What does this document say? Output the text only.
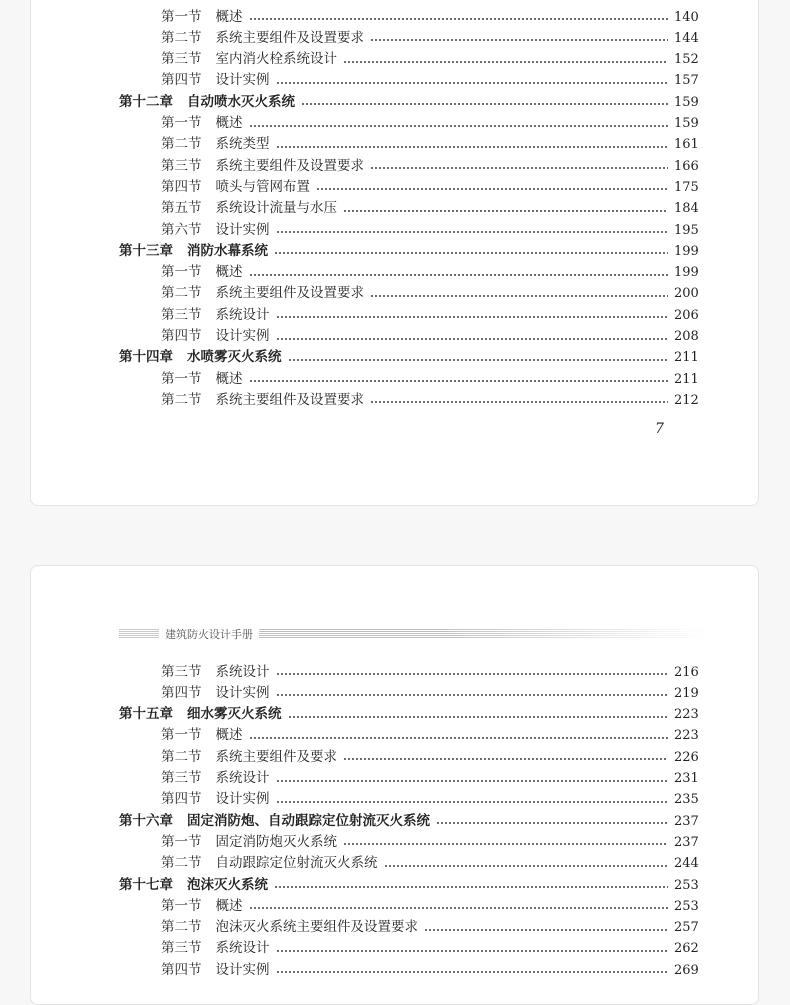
第一节 概述	140
第二节 系统主要组件及设置要求	144
第三节 室内消火栓系统设计	152
第四节 设计实例	157
第十二章 自动喷水灭火系统	159
第一节 概述	159
第二节 系统类型	161
第三节 系统主要组件及设置要求	166
第四节 喷头与管网布置	175
第五节 系统设计流量与水压	184
第六节 设计实例	195
第十三章 消防水幕系统	199
第一节 概述	199
第二节 系统主要组件及设置要求	200
第三节 系统设计	206
第四节 设计实例	208
第十四章 水喷雾灭火系统	211
第一节 概述	211
第二节 系统主要组件及设置要求	212
7
建筑防火设计手册
第三节 系统设计	216
第四节 设计实例	219
第十五章 细水雾灭火系统	223
第一节 概述	223
第二节 系统主要组件及要求	226
第三节 系统设计	231
第四节 设计实例	235
第十六章 固定消防炮、自动跟踪定位射流灭火系统	237
第一节 固定消防炮灭火系统	237
第二节 自动跟踪定位射流灭火系统	244
第十七章 泡沫灭火系统	253
第一节 概述	253
第二节 泡沫灭火系统主要组件及设置要求	257
第三节 系统设计	262
第四节 设计实例	269
